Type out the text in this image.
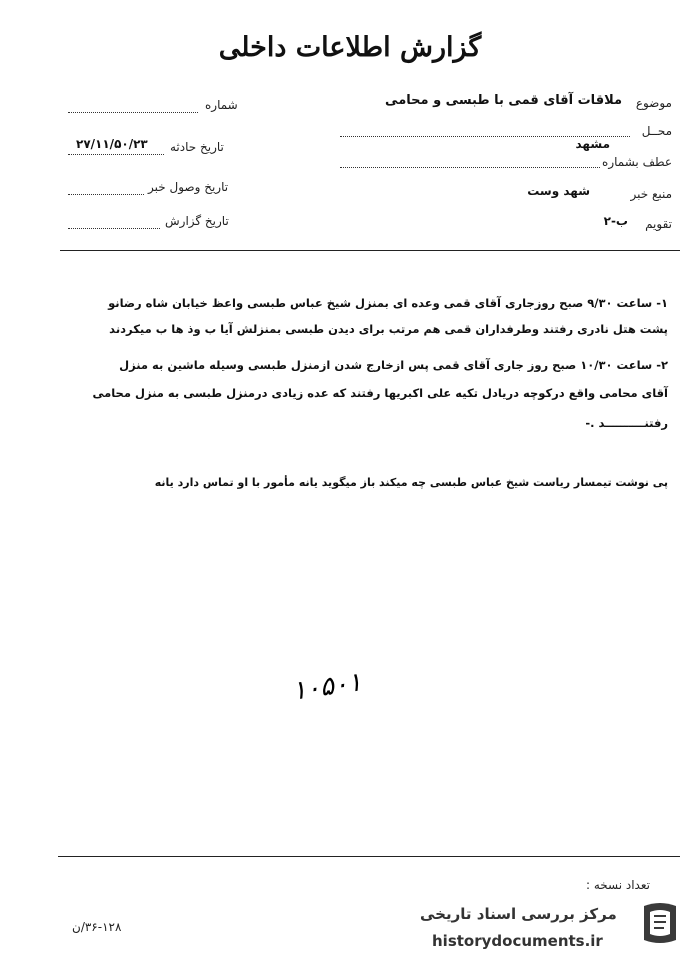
گزارش اطلاعات داخلی
موضوع
ملاقات آقای قمی با طبسی و محامی
محــل
مشهد
عطف بشماره
منبع خبر
شهد وست
تقویم
ب-۲
شماره
تاریخ حادثه
۲۷/۱۱/۵۰/۲۳
تاریخ وصول خبر
تاریخ گزارش
۱- ساعت ۹/۳۰ صبح روزجاری آقای قمی وعده ای بمنزل شیخ عباس طبسی واعظ خیابان شاه رضانو
پشت هتل نادری رفتند وطرفداران قمی هم مرتب برای دیدن طبسی بمنزلش آیا ب وذ ها ب میکردند
۲- ساعت ۱۰/۳۰ صبح روز جاری آقای قمی پس ازخارج شدن ازمنزل طبسی وسیله ماشین به منزل
آقای محامی واقع درکوچه دریادل تکیه علی اکبریها رفتند که عده زیادی درمنزل طبسی به منزل محامی
رفتنــــــــــد .-
پی نوشت تیمسار ریاست شیخ عباس طبسی چه میکند باز میگوید یانه مأمور با او تماس دارد یانه
۱۰۵۰۱
تعداد نسخه :
۳۶-۱۲۸/ن
مرکز بررسی اسناد تاریخی
historydocuments.ir
